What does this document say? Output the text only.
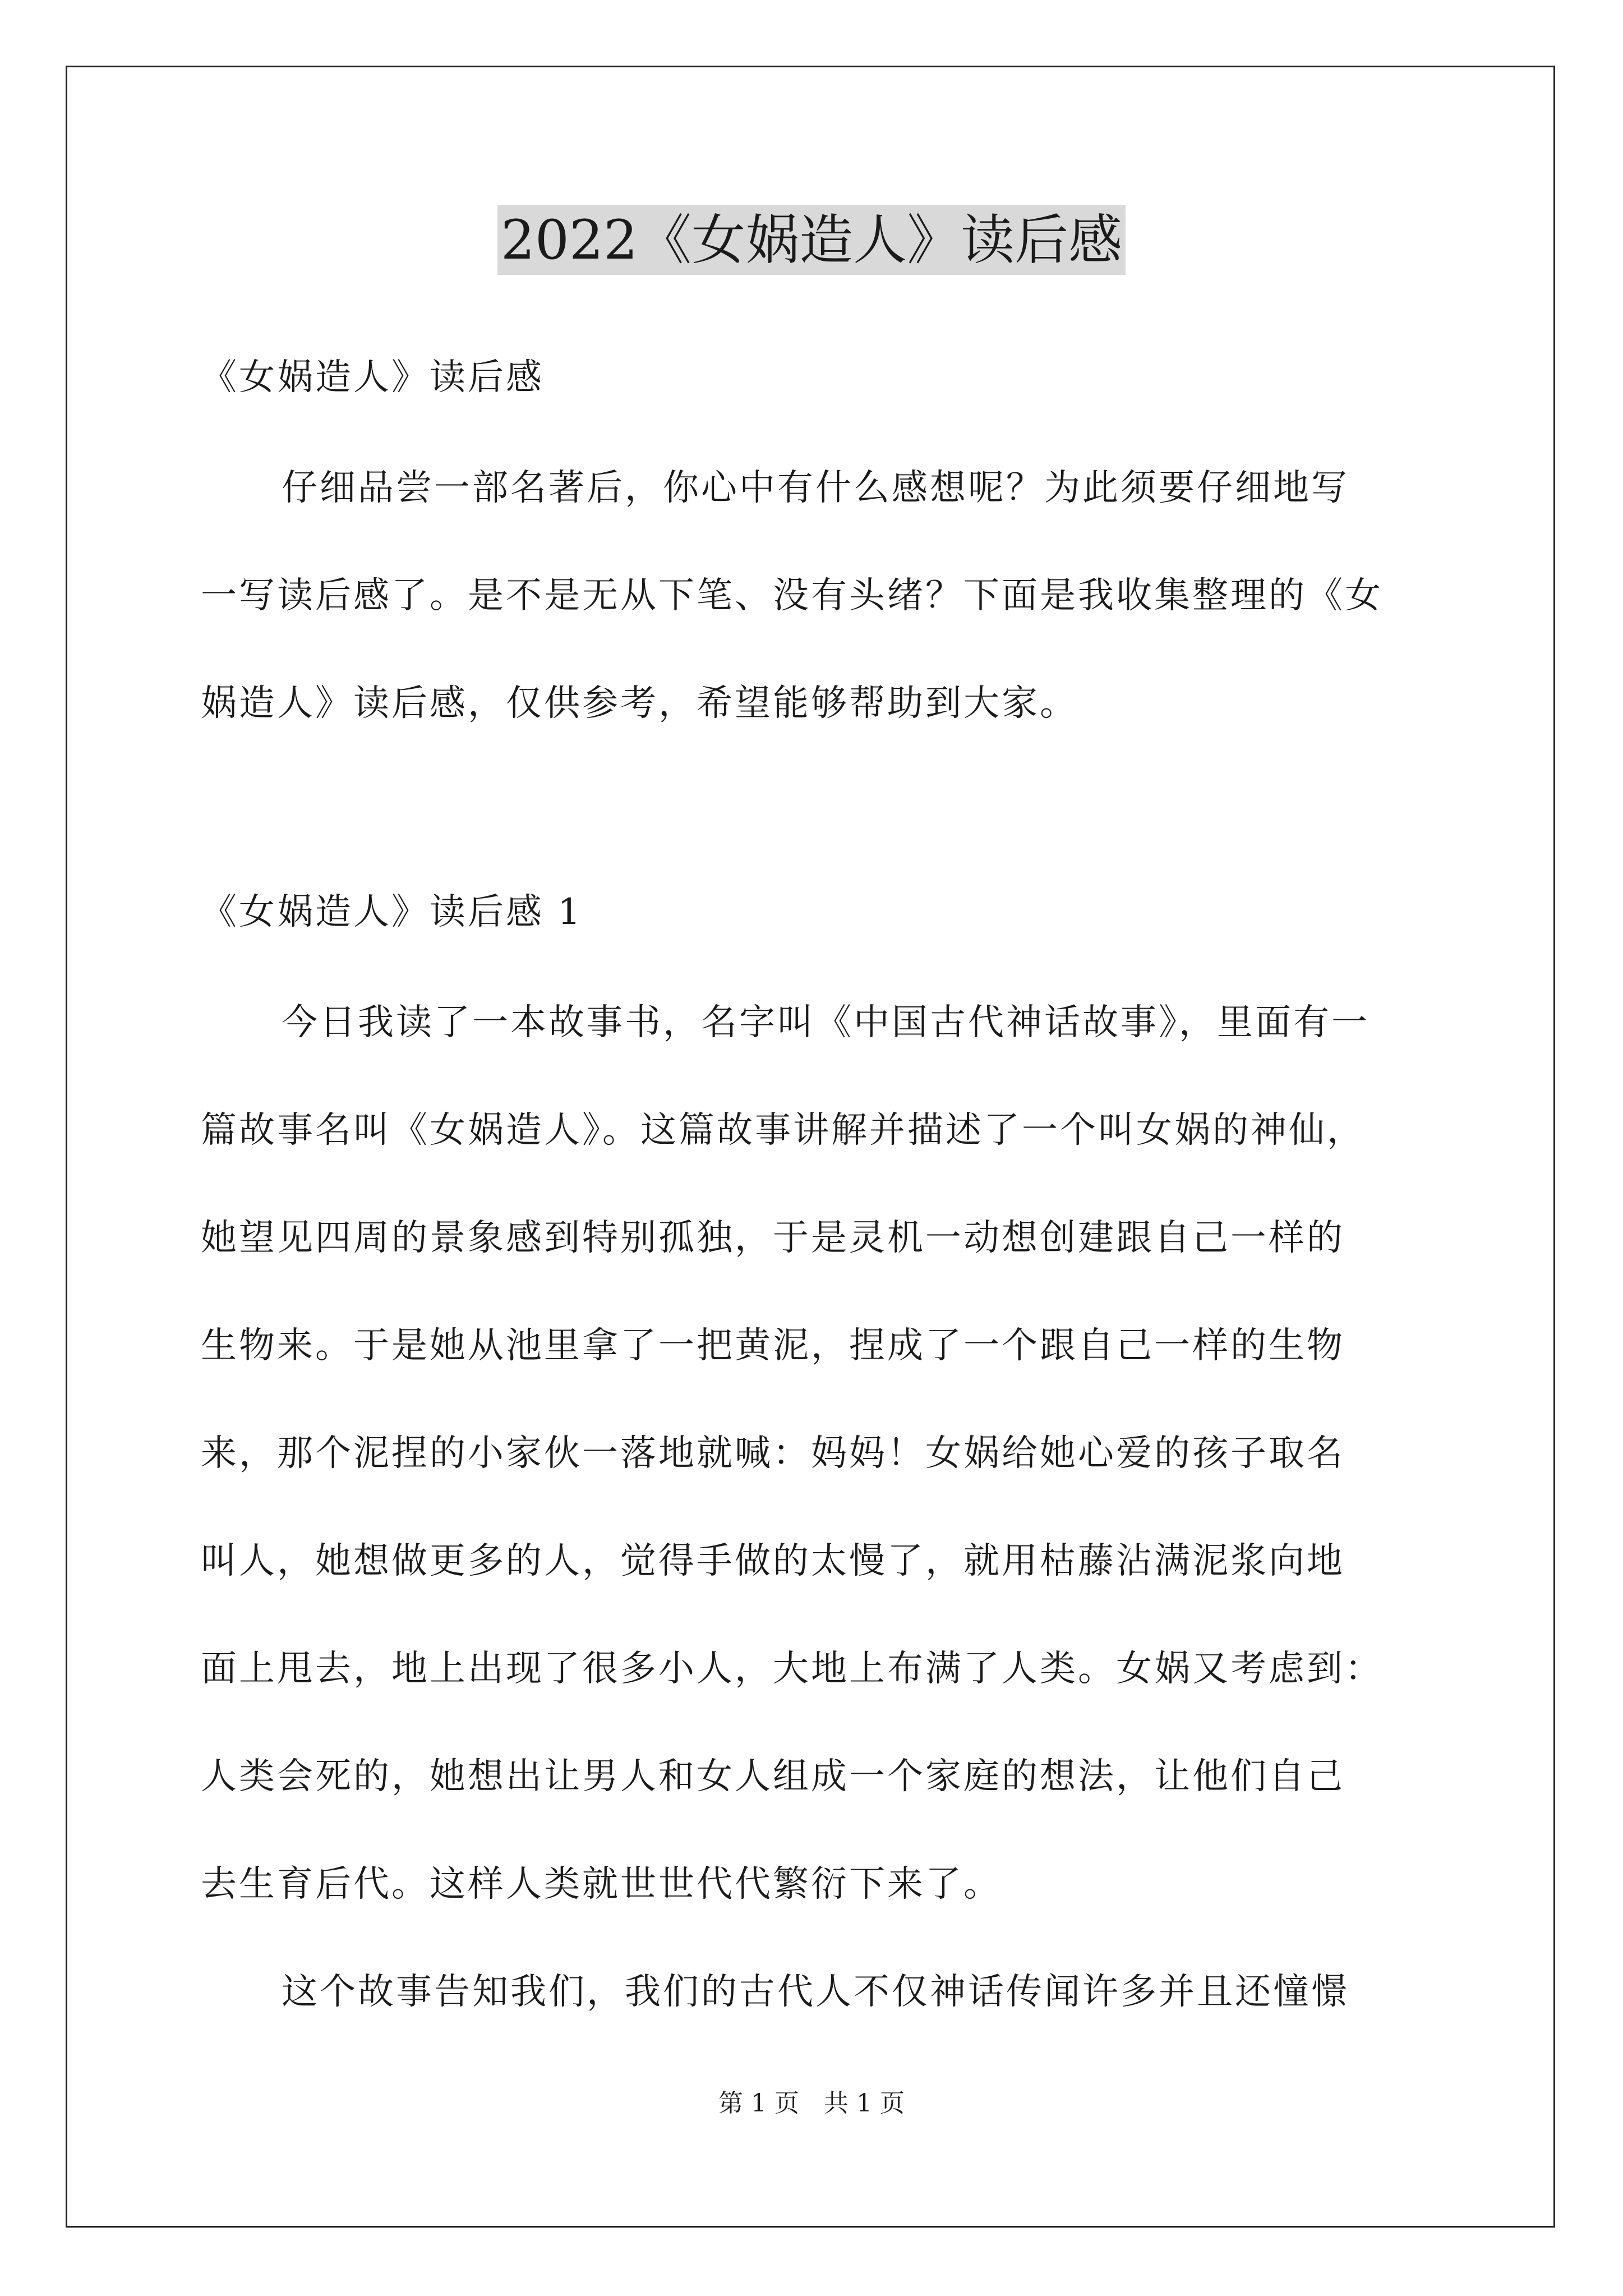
2022《女娲造人》读后感
《女娲造人》读后感
仔细品尝一部名著后，你心中有什么感想呢？为此须要仔细地写
一写读后感了。是不是无从下笔、没有头绪？下面是我收集整理的《女
娲造人》读后感，仅供参考，希望能够帮助到大家。
《女娲造人》读后感 1
今日我读了一本故事书，名字叫《中国古代神话故事》，里面有一
篇故事名叫《女娲造人》。这篇故事讲解并描述了一个叫女娲的神仙，
她望见四周的景象感到特别孤独，于是灵机一动想创建跟自己一样的
生物来。于是她从池里拿了一把黄泥，捏成了一个跟自己一样的生物
来，那个泥捏的小家伙一落地就喊：妈妈！女娲给她心爱的孩子取名
叫人，她想做更多的人，觉得手做的太慢了，就用枯藤沾满泥浆向地
面上甩去，地上出现了很多小人，大地上布满了人类。女娲又考虑到：
人类会死的，她想出让男人和女人组成一个家庭的想法，让他们自己
去生育后代。这样人类就世世代代繁衍下来了。
这个故事告知我们，我们的古代人不仅神话传闻许多并且还憧憬
第 1 页　共 1 页
